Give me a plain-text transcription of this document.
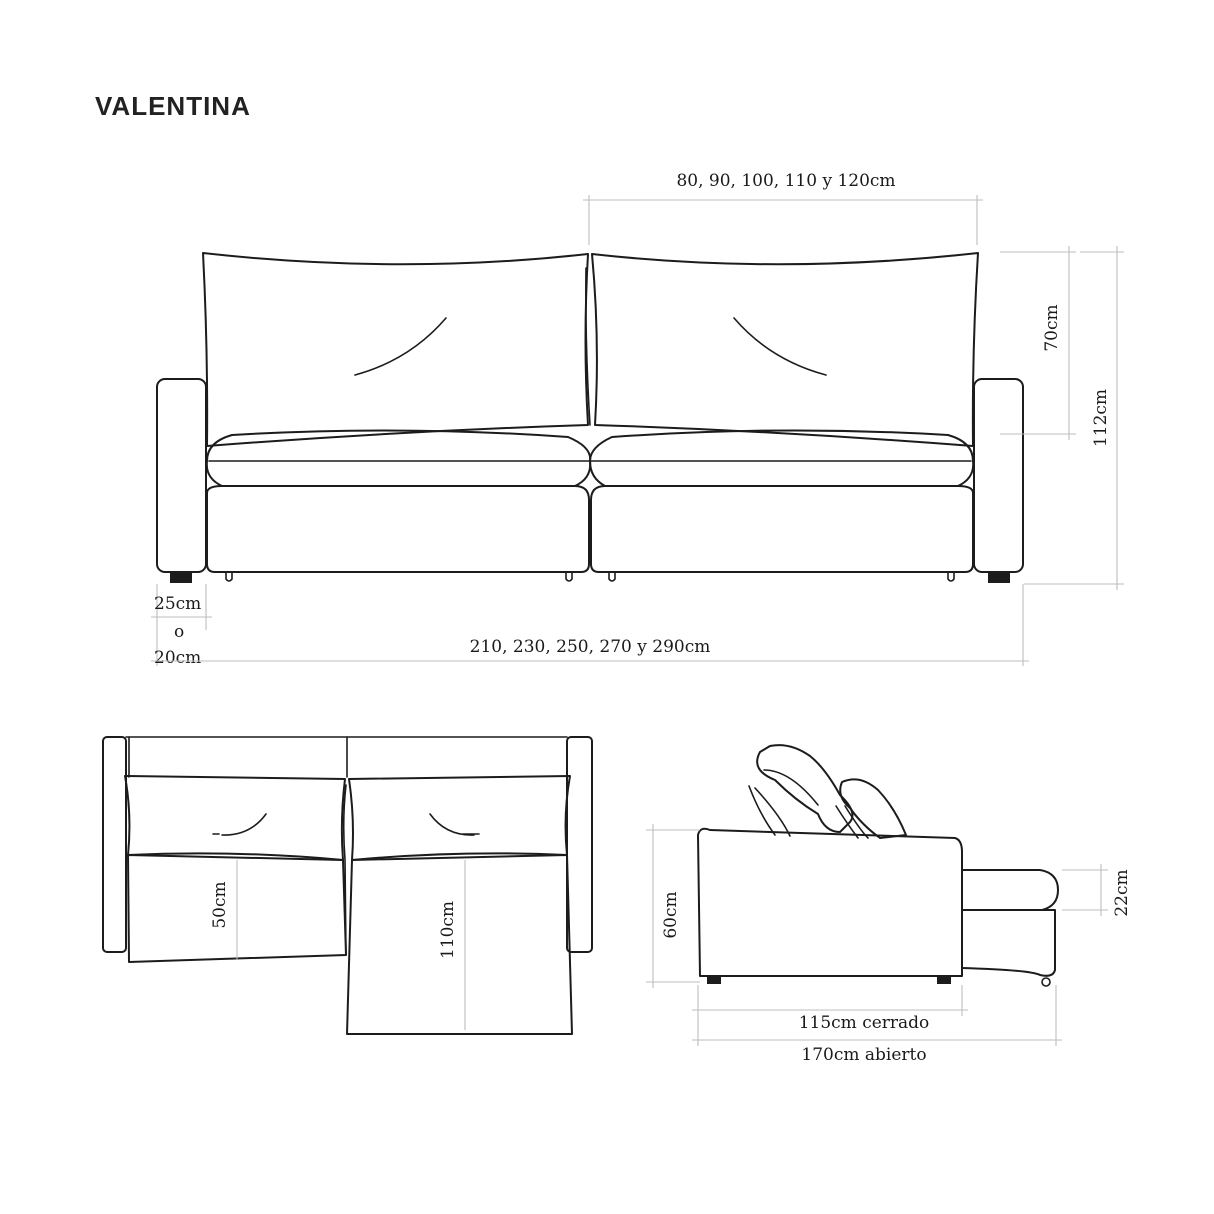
VALENTINA
80, 90, 100, 110 y 120cm
70cm
112cm
25cm
o
20cm
210, 230, 250, 270 y 290cm
50cm	110cm	60cm	22cm
115cm cerrado
170cm abierto
